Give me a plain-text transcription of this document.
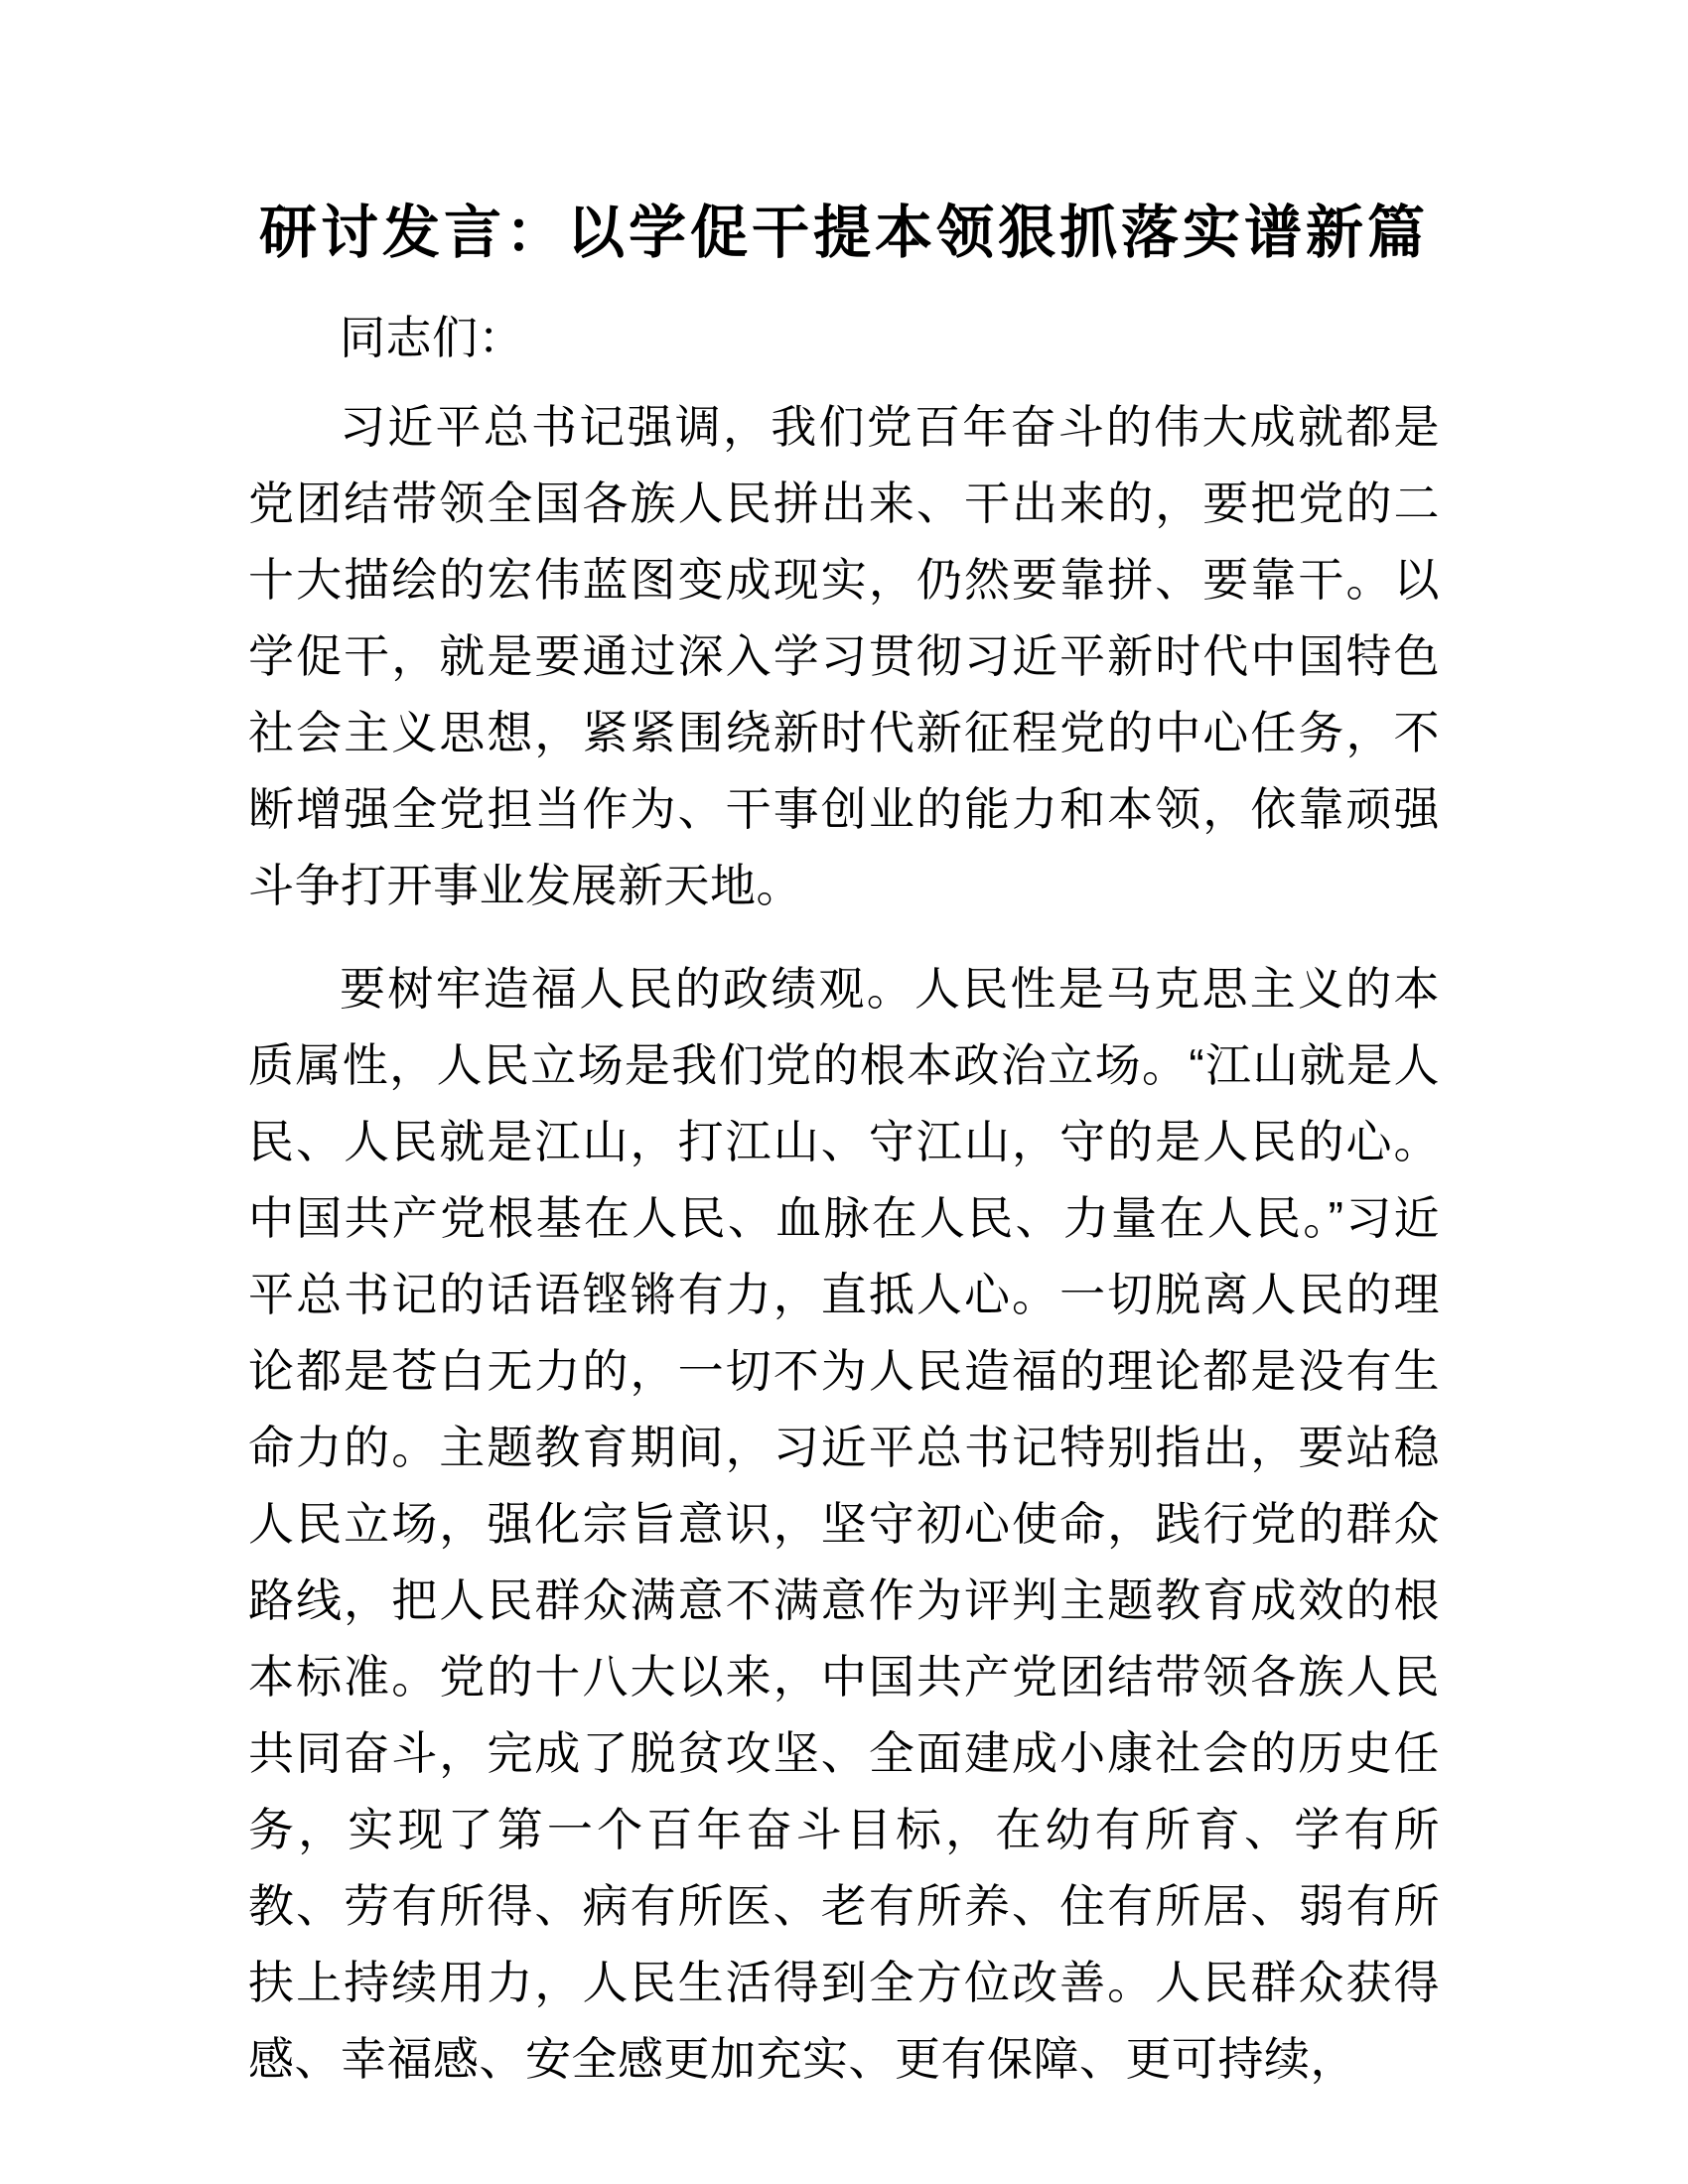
研讨发言：以学促干提本领狠抓落实谱新篇

同志们：

习近平总书记强调，我们党百年奋斗的伟大成就都是党团结带领全国各族人民拼出来、干出来的，要把党的二十大描绘的宏伟蓝图变成现实，仍然要靠拼、要靠干。以学促干，就是要通过深入学习贯彻习近平新时代中国特色社会主义思想，紧紧围绕新时代新征程党的中心任务，不断增强全党担当作为、干事创业的能力和本领，依靠顽强斗争打开事业发展新天地。

要树牢造福人民的政绩观。人民性是马克思主义的本质属性，人民立场是我们党的根本政治立场。“江山就是人民、人民就是江山，打江山、守江山，守的是人民的心。中国共产党根基在人民、血脉在人民、力量在人民。”习近平总书记的话语铿锵有力，直抵人心。一切脱离人民的理论都是苍白无力的，一切不为人民造福的理论都是没有生命力的。主题教育期间，习近平总书记特别指出，要站稳人民立场，强化宗旨意识，坚守初心使命，践行党的群众路线，把人民群众满意不满意作为评判主题教育成效的根本标准。党的十八大以来，中国共产党团结带领各族人民共同奋斗，完成了脱贫攻坚、全面建成小康社会的历史任务，实现了第一个百年奋斗目标，在幼有所育、学有所教、劳有所得、病有所医、老有所养、住有所居、弱有所扶上持续用力，人民生活得到全方位改善。人民群众获得感、幸福感、安全感更加充实、更有保障、更可持续，
